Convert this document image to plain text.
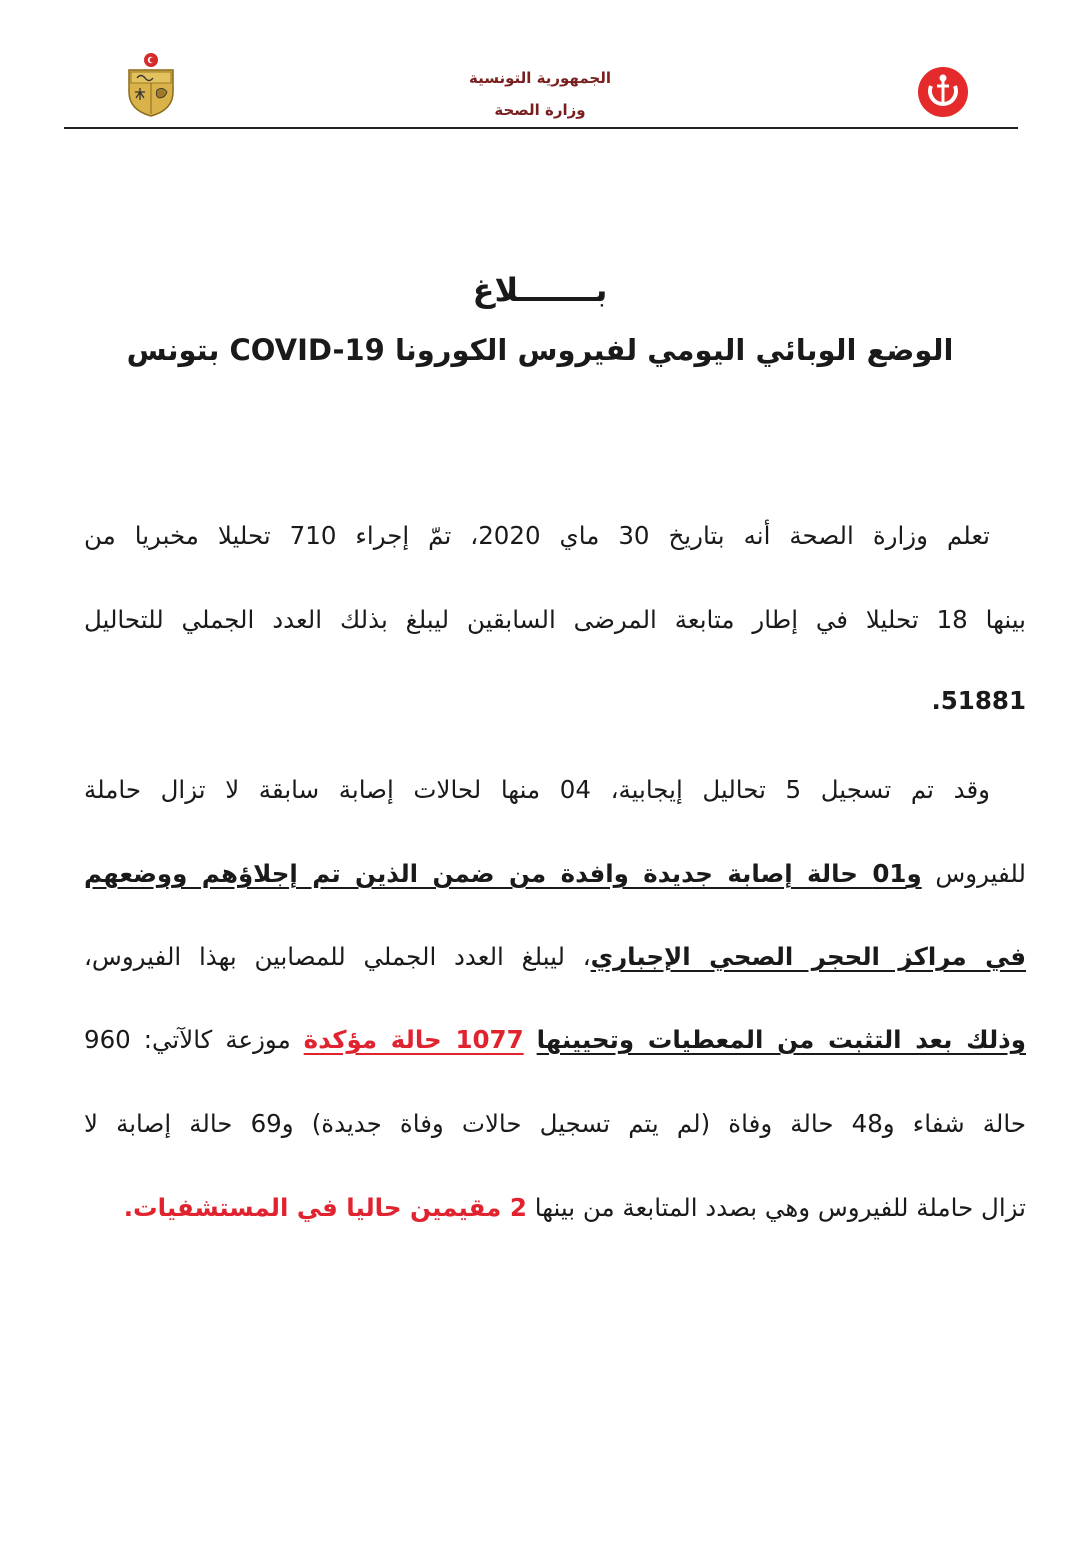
الجمهورية التونسية
وزارة الصحة
بـــــــلاغ
الوضع الوبائي اليومي لفيروس الكورونا COVID-19 بتونس
تعلم وزارة الصحة أنه بتاريخ 30 ماي 2020، تمّ إجراء 710 تحليلا مخبريا من
بينها 18 تحليلا في إطار متابعة المرضى السابقين ليبلغ بذلك العدد الجملي للتحاليل
51881.
وقد تم تسجيل 5 تحاليل إيجابية، 04 منها لحالات إصابة سابقة لا تزال حاملة
للفيروس و01 حالة إصابة جديدة وافدة من ضمن الذين تم إجلاؤهم ووضعهم
في مراكز الحجر الصحي الإجباري، ليبلغ العدد الجملي للمصابين بهذا الفيروس،
وذلك بعد التثبت من المعطيات وتحيينها 1077 حالة مؤكدة موزعة كالآتي: 960
حالة شفاء و48 حالة وفاة (لم يتم تسجيل حالات وفاة جديدة) و69 حالة إصابة لا
تزال حاملة للفيروس وهي بصدد المتابعة من بينها 2 مقيمين حاليا في المستشفيات.
